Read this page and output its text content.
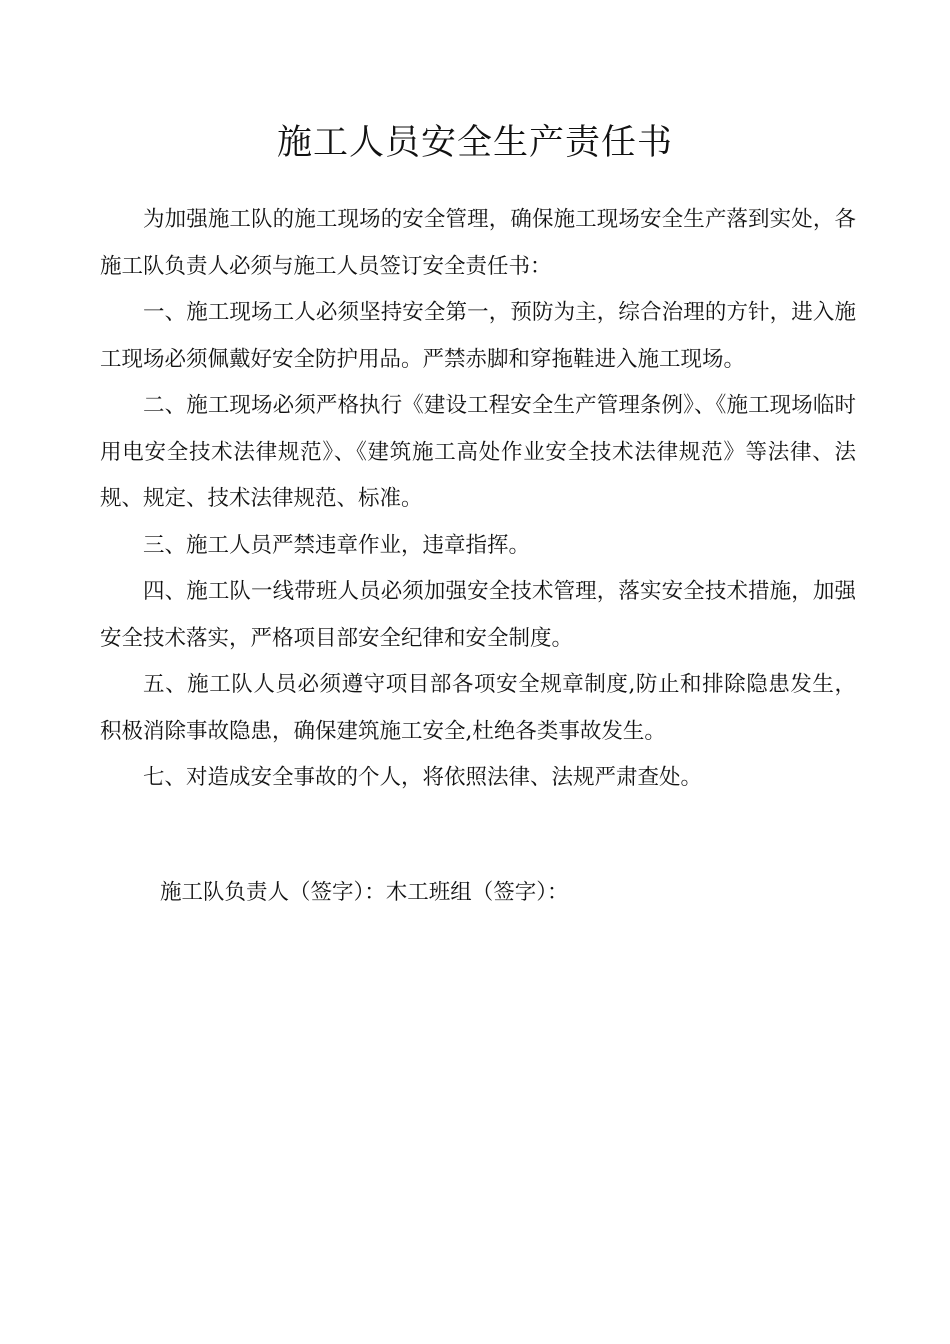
施工人员安全生产责任书

为加强施工队的施工现场的安全管理，确保施工现场安全生产落到实处，各施工队负责人必须与施工人员签订安全责任书：

一、施工现场工人必须坚持安全第一，预防为主，综合治理的方针，进入施工现场必须佩戴好安全防护用品。严禁赤脚和穿拖鞋进入施工现场。

二、施工现场必须严格执行《建设工程安全生产管理条例》、《施工现场临时用电安全技术法律规范》、《建筑施工高处作业安全技术法律规范》等法律、法规、规定、技术法律规范、标准。

三、施工人员严禁违章作业，违章指挥。

四、施工队一线带班人员必须加强安全技术管理，落实安全技术措施，加强安全技术落实，严格项目部安全纪律和安全制度。

五、施工队人员必须遵守项目部各项安全规章制度,防止和排除隐患发生，积极消除事故隐患，确保建筑施工安全,杜绝各类事故发生。

七、对造成安全事故的个人，将依照法律、法规严肃查处。

施工队负责人（签字）：木工班组（签字）：
